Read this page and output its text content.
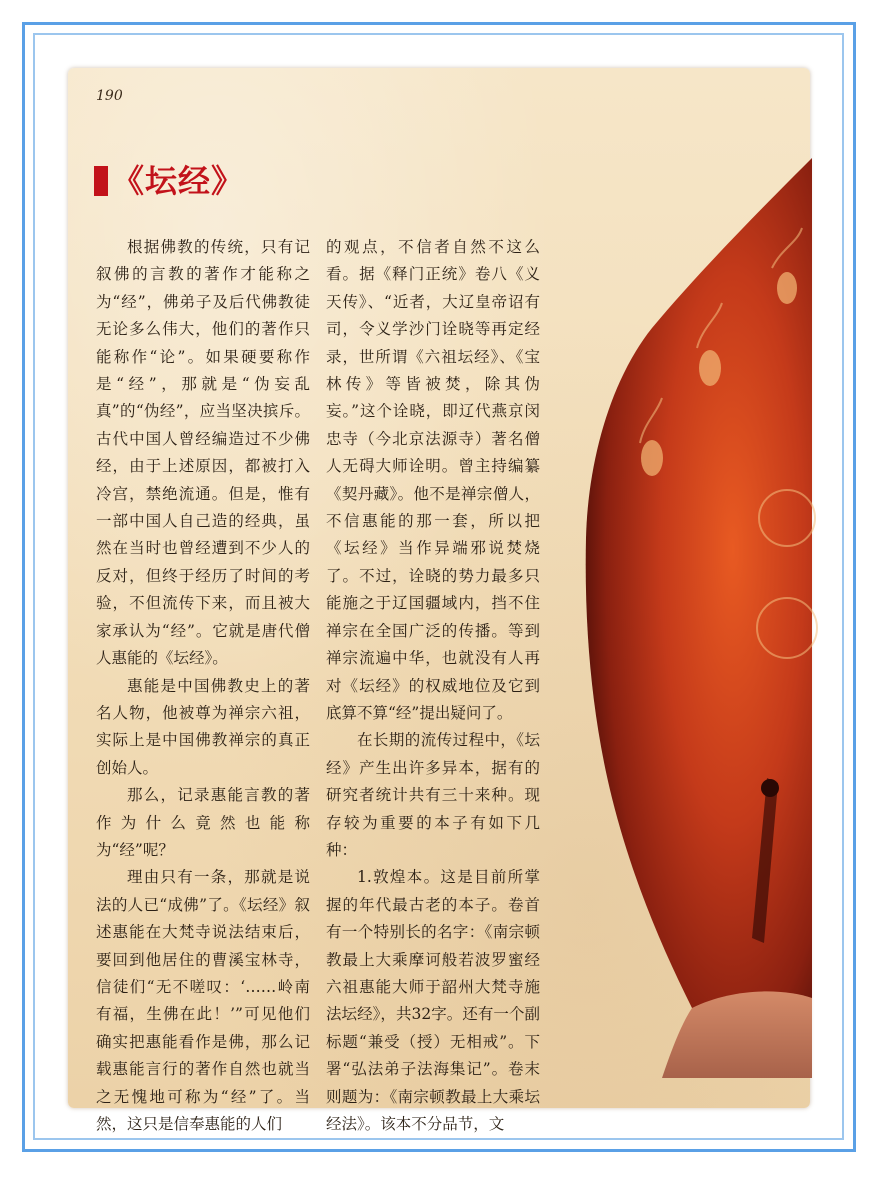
190
《坛经》

根据佛教的传统，只有记叙佛的言教的著作才能称之为“经”，佛弟子及后代佛教徒无论多么伟大，他们的著作只能称作“论”。如果硬要称作是“经”，那就是“伪妄乱真”的“伪经”，应当坚决摈斥。古代中国人曾经编造过不少佛经，由于上述原因，都被打入冷宫，禁绝流通。但是，惟有一部中国人自己造的经典，虽然在当时也曾经遭到不少人的反对，但终于经历了时间的考验，不但流传下来，而且被大家承认为“经”。它就是唐代僧人惠能的《坛经》。

惠能是中国佛教史上的著名人物，他被尊为禅宗六祖，实际上是中国佛教禅宗的真正创始人。

那么，记录惠能言教的著作为什么竟然也能称为“经”呢？

理由只有一条，那就是说法的人已“成佛”了。《坛经》叙述惠能在大梵寺说法结束后，要回到他居住的曹溪宝林寺，信徒们“无不嗟叹：‘……岭南有福，生佛在此！’”可见他们确实把惠能看作是佛，那么记载惠能言行的著作自然也就当之无愧地可称为“经”了。当然，这只是信奉惠能的人们

的观点，不信者自然不这么看。据《释门正统》卷八《义天传》、“近者，大辽皇帝诏有司，令义学沙门诠晓等再定经录，世所谓《六祖坛经》、《宝林传》等皆被焚，除其伪妄。”这个诠晓，即辽代燕京闵忠寺（今北京法源寺）著名僧人无碍大师诠明。曾主持编纂《契丹藏》。他不是禅宗僧人，不信惠能的那一套，所以把《坛经》当作异端邪说焚烧了。不过，诠晓的势力最多只能施之于辽国疆域内，挡不住禅宗在全国广泛的传播。等到禅宗流遍中华，也就没有人再对《坛经》的权威地位及它到底算不算“经”提出疑问了。

在长期的流传过程中，《坛经》产生出许多异本，据有的研究者统计共有三十来种。现存较为重要的本子有如下几种：

1.敦煌本。这是目前所掌握的年代最古老的本子。卷首有一个特别长的名字：《南宗顿教最上大乘摩诃般若波罗蜜经六祖惠能大师于韶州大梵寺施法坛经》，共32字。还有一个副标题“兼受（授）无相戒”。下署“弘法弟子法海集记”。卷末则题为：《南宗顿教最上大乘坛经法》。该本不分品节，文
